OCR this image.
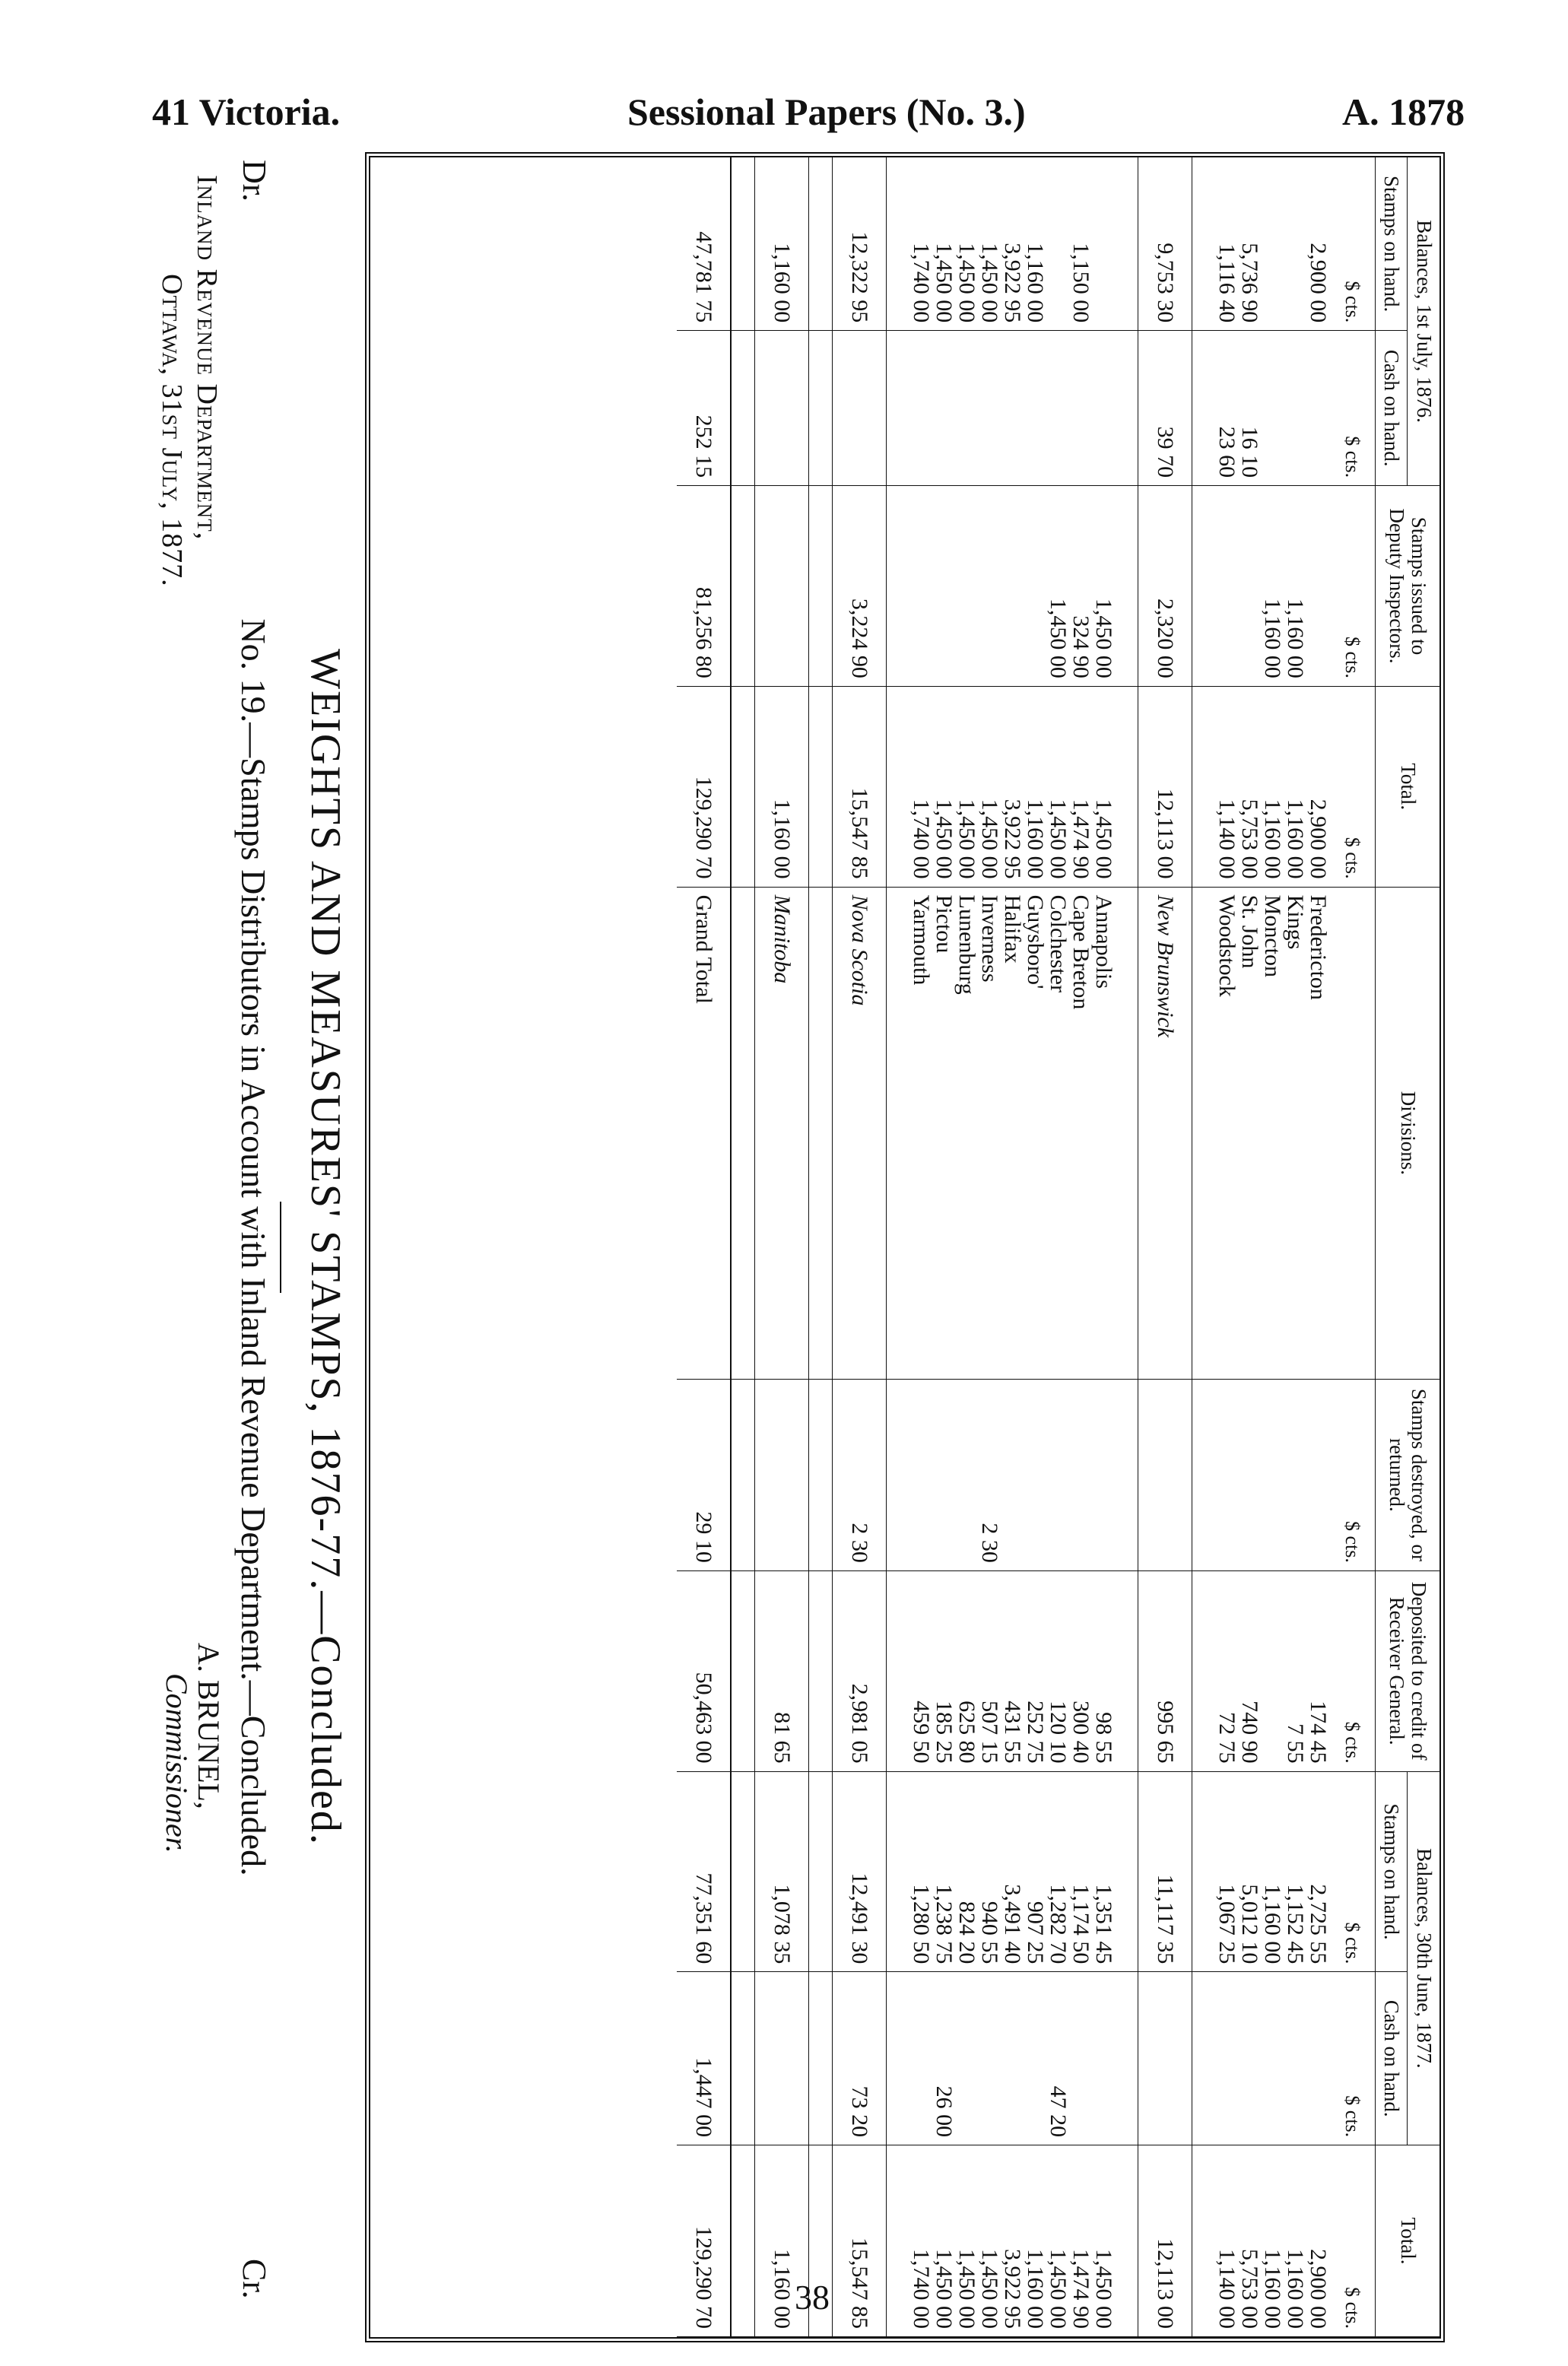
41 Victoria.	Sessional Papers (No. 3.)	A. 1878
Balances, 1st July, 1876.		Stamps issued to Deputy Inspectors.	Total.	Divisions.	Stamps destroyed, or returned.	Deposited to credit of Receiver General.	Balances, 30th June, 1877.		Total.
Stamps on hand.	Cash on hand.						Stamps on hand.	Cash on hand.	
$ cts.	$ cts.	$ cts.	$ cts.		$ cts.	$ cts.	$ cts.	$ cts.	$ cts.
2,900 00			2,900 00	Fredericton		174 45	2,725 55		2,900 00
		1,160 00	1,160 00	Kings		7 55	1,152 45		1,160 00
		1,160 00	1,160 00	Moncton			1,160 00		1,160 00
5,736 90	16 10		5,753 00	St. John		740 90	5,012 10		5,753 00
1,116 40	23 60		1,140 00	Woodstock		72 75	1,067 25		1,140 00

9,753 30	39 70	2,320 00	12,113 00	New Brunswick		995 65	11,117 35		12,113 00

		1,450 00	1,450 00	Annapolis		98 55	1,351 45		1,450 00
1,150 00		324 90	1,474 90	Cape Breton		300 40	1,174 50		1,474 90
		1,450 00	1,450 00	Colchester		120 10	1,282 70	47 20	1,450 00
1,160 00			1,160 00	Guysboro'		252 75	907 25		1,160 00
3,922 95			3,922 95	Halifax		431 55	3,491 40		3,922 95
1,450 00			1,450 00	Inverness	2 30	507 15	940 55		1,450 00
1,450 00			1,450 00	Lunenburg		625 80	824 20		1,450 00
1,450 00			1,450 00	Pictou		185 25	1,238 75	26 00	1,450 00
1,740 00			1,740 00	Yarmouth		459 50	1,280 50		1,740 00

12,322 95		3,224 90	15,547 85	Nova Scotia	2 30	2,981 05	12,491 30	73 20	15,547 85

1,160 00			1,160 00	Manitoba		81 65	1,078 35		1,160 00

47,781 75	252 15	81,256 80	129,290 70	Grand Total	29 10	50,463 00	77,351 60	1,447 00	129,290 70
WEIGHTS AND MEASURES' STAMPS, 1876-77.—Concluded.
No. 19.—Stamps Distributors in Account with Inland Revenue Department.—Concluded.
Dr.
Cr.
Inland Revenue Department,
Ottawa, 31st July, 1877.
A. BRUNEL,
Commissioner.
38
